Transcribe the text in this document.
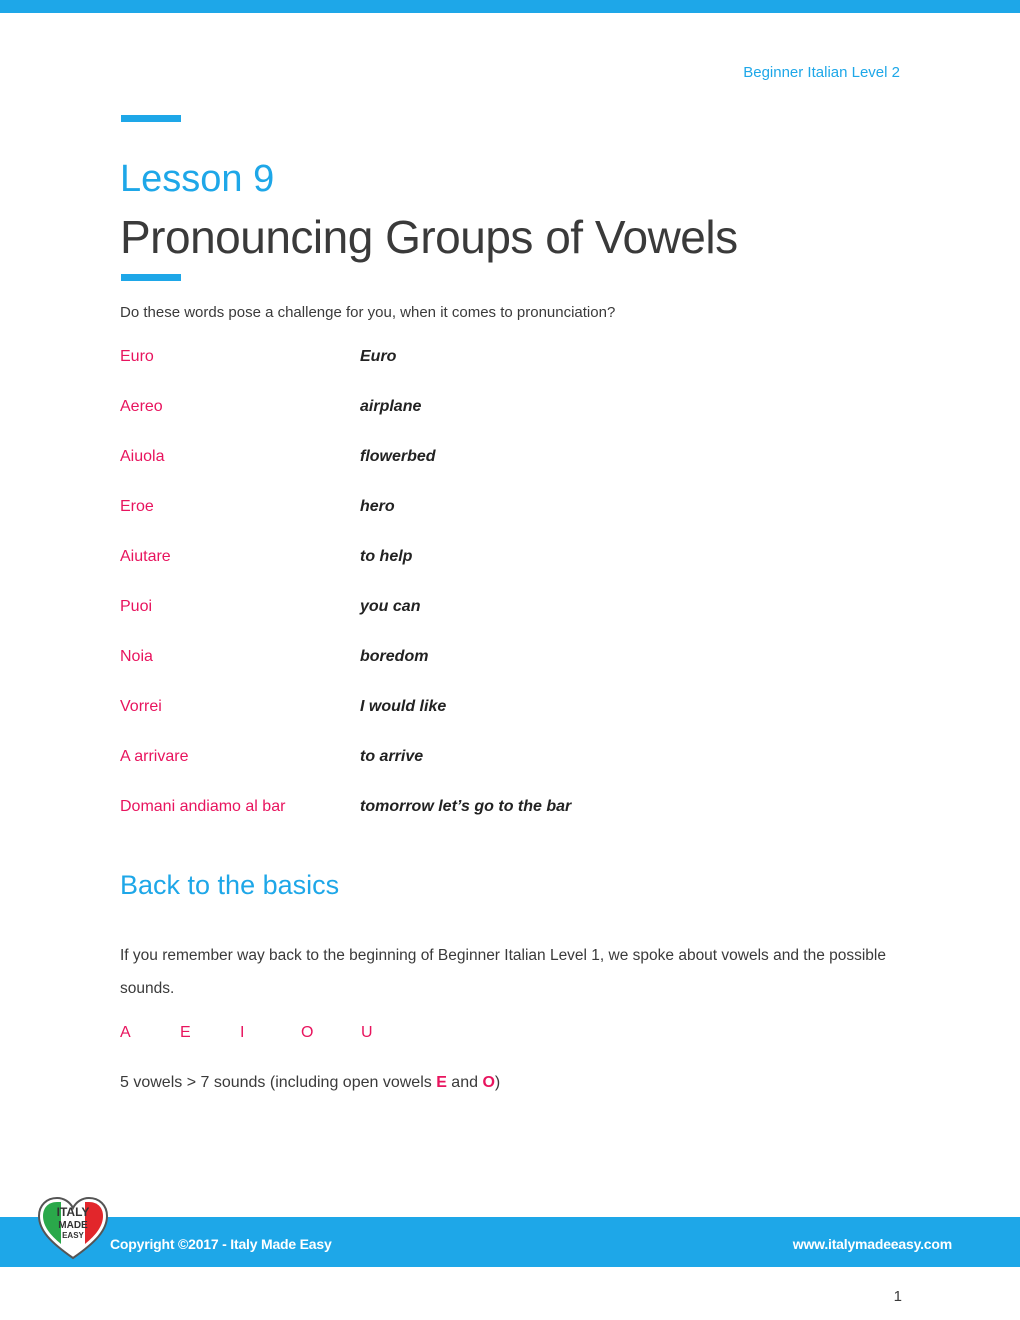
Beginner Italian Level 2
Lesson 9
Pronouncing Groups of Vowels
Do these words pose a challenge for you, when it comes to pronunciation?
Euro	Euro
Aereo	airplane
Aiuola	flowerbed
Eroe	hero
Aiutare	to help
Puoi	you can
Noia	boredom
Vorrei	I would like
A arrivare	to arrive
Domani andiamo al bar	tomorrow let’s go to the bar
Back to the basics
If you remember way back to the beginning of Beginner Italian Level 1, we spoke about vowels and the possible sounds.
A	E	I	O	U
5 vowels > 7 sounds (including open vowels E and O)
ITALY
MADE
EASY
Copyright ©2017 - Italy Made Easy	www.italymadeeasy.com
1
